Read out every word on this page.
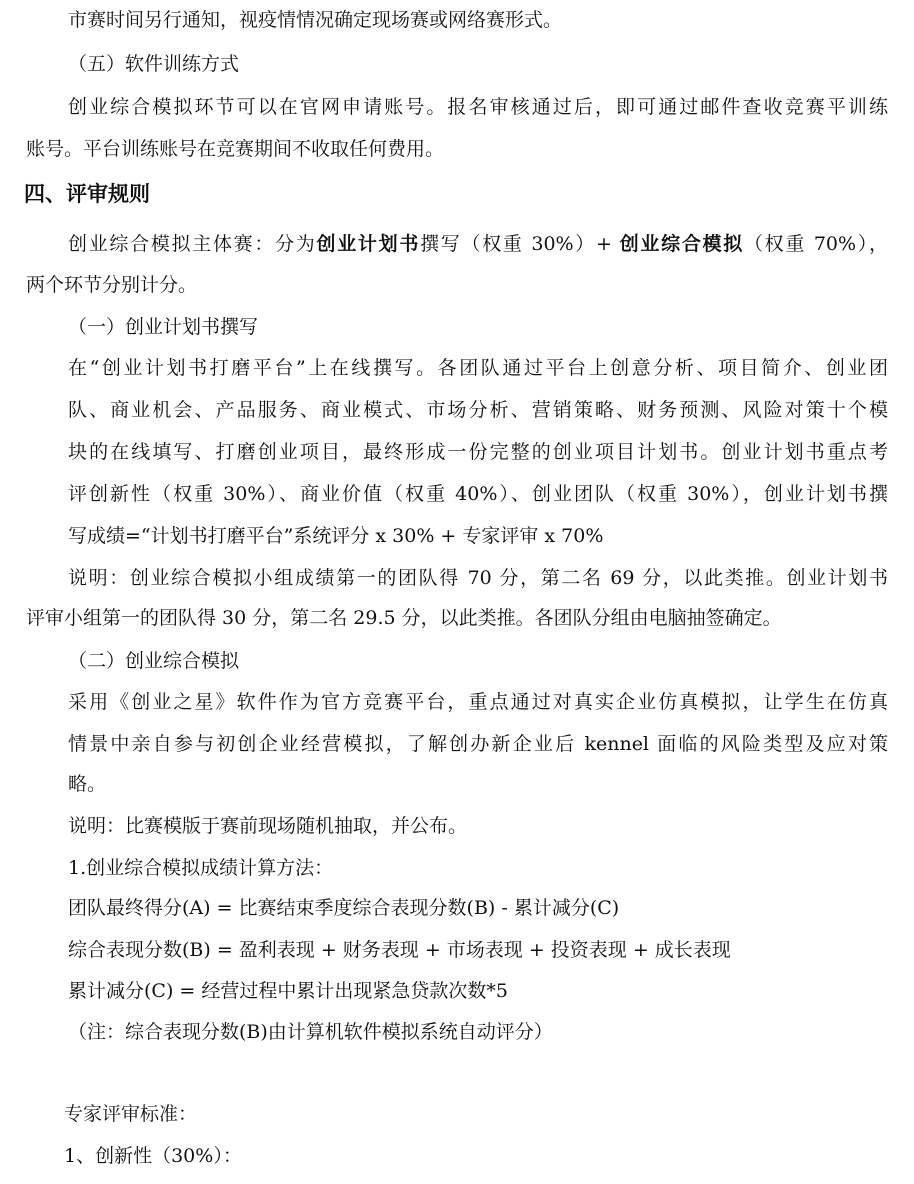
市赛时间另行通知，视疫情情况确定现场赛或网络赛形式。
（五）软件训练方式
创业综合模拟环节可以在官网申请账号。报名审核通过后，即可通过邮件查收竞赛平训练
账号。平台训练账号在竞赛期间不收取任何费用。
四、评审规则
创业综合模拟主体赛：分为创业计划书撰写（权重 30%）+ 创业综合模拟（权重 70%），
两个环节分别计分。
（一）创业计划书撰写
在“创业计划书打磨平台”上在线撰写。各团队通过平台上创意分析、项目简介、创业团
队、商业机会、产品服务、商业模式、市场分析、营销策略、财务预测、风险对策十个模
块的在线填写、打磨创业项目，最终形成一份完整的创业项目计划书。创业计划书重点考
评创新性（权重 30%）、商业价值（权重 40%）、创业团队（权重 30%），创业计划书撰
写成绩=“计划书打磨平台”系统评分 x 30% + 专家评审 x 70%
说明：创业综合模拟小组成绩第一的团队得 70 分，第二名 69 分，以此类推。创业计划书
评审小组第一的团队得 30 分，第二名 29.5 分，以此类推。各团队分组由电脑抽签确定。
（二）创业综合模拟
采用《创业之星》软件作为官方竞赛平台，重点通过对真实企业仿真模拟，让学生在仿真
情景中亲自参与初创企业经营模拟，了解创办新企业后 kennel 面临的风险类型及应对策
略。
说明：比赛模版于赛前现场随机抽取，并公布。
1.创业综合模拟成绩计算方法：
团队最终得分(A) = 比赛结束季度综合表现分数(B) - 累计减分(C)
综合表现分数(B) = 盈利表现 + 财务表现 + 市场表现 + 投资表现 + 成长表现
累计减分(C) = 经营过程中累计出现紧急贷款次数*5
（注：综合表现分数(B)由计算机软件模拟系统自动评分）
专家评审标准：
1、创新性（30%）：
